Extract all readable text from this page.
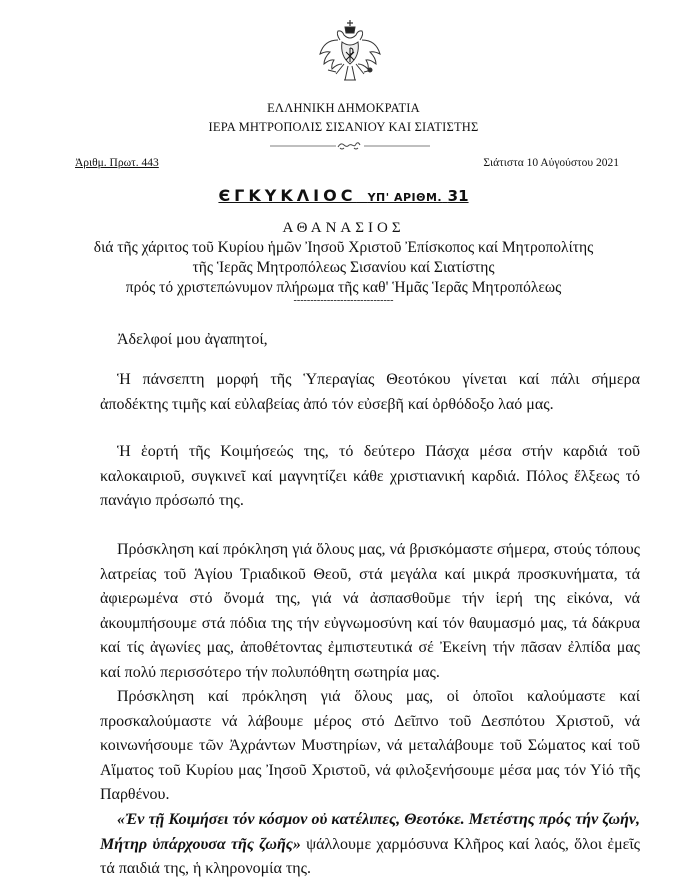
ΕΛΛΗΝΙΚΗ ΔΗΜΟΚΡΑΤΙΑ
ΙΕΡΑ ΜΗΤΡΟΠΟΛΙΣ ΣΙΣΑΝΙΟΥ ΚΑΙ ΣΙΑΤΙΣΤΗΣ
Ἀριθμ. Πρωτ. 443	Σιάτιστα 10 Αὐγούστου 2021
ЄΓΚΥΚΛΙΟϹ ΥΠ' ΑΡΙΘΜ. 31
ΑΘΑΝΑΣΙΟΣ
διά τῆς χάριτος τοῦ Κυρίου ἡμῶν Ἰησοῦ Χριστοῦ Ἐπίσκοπος καί Μητροπολίτης
τῆς Ἱερᾶς Μητροπόλεως Σισανίου καί Σιατίστης
πρός τό χριστεπώνυμον πλήρωμα τῆς καθ' Ἡμᾶς Ἱερᾶς Μητροπόλεως
------------------------------
Ἀδελφοί μου ἀγαπητοί,

Ἡ πάνσεπτη μορφή τῆς Ὑπεραγίας Θεοτόκου γίνεται καί πάλι σήμερα ἀποδέκτης τιμῆς καί εὐλαβείας ἀπό τόν εὐσεβῆ καί ὀρθόδοξο λαό μας.

Ἡ ἑορτή τῆς Κοιμήσεώς της, τό δεύτερο Πάσχα μέσα στήν καρδιά τοῦ καλοκαιριοῦ, συγκινεῖ καί μαγνητίζει κάθε χριστιανική καρδιά. Πόλος ἕλξεως τό πανάγιο πρόσωπό της.

Πρόσκληση καί πρόκληση γιά ὅλους μας, νά βρισκόμαστε σήμερα, στούς τόπους λατρείας τοῦ Ἁγίου Τριαδικοῦ Θεοῦ, στά μεγάλα καί μικρά προσκυνήματα, τά ἀφιερωμένα στό ὄνομά της, γιά νά ἀσπασθοῦμε τήν ἱερή της εἰκόνα, νά ἀκουμπήσουμε στά πόδια της τήν εὐγνωμοσύνη καί τόν θαυμασμό μας, τά δάκρυα καί τίς ἀγωνίες μας, ἀποθέτοντας ἐμπιστευτικά σέ Ἐκείνη τήν πᾶσαν ἐλπίδα μας καί πολύ περισσότερο τήν πολυπόθητη σωτηρία μας.

Πρόσκληση καί πρόκληση γιά ὅλους μας, οἱ ὁποῖοι καλούμαστε καί προσκαλούμαστε νά λάβουμε μέρος στό Δεῖπνο τοῦ Δεσπότου Χριστοῦ, νά κοινωνήσουμε τῶν Ἀχράντων Μυστηρίων, νά μεταλάβουμε τοῦ Σώματος καί τοῦ Αἵματος τοῦ Κυρίου μας Ἰησοῦ Χριστοῦ, νά φιλοξενήσουμε μέσα μας τόν Υἱό τῆς Παρθένου.

«Ἐν τῇ Κοιμήσει τόν κόσμον οὐ κατέλιπες, Θεοτόκε. Μετέστης πρός τήν ζωήν, Μήτηρ ὑπάρχουσα τῆς ζωῆς» ψάλλουμε χαρμόσυνα Κλῆρος καί λαός, ὅλοι ἐμεῖς τά παιδιά της, ἡ κληρονομία της.
